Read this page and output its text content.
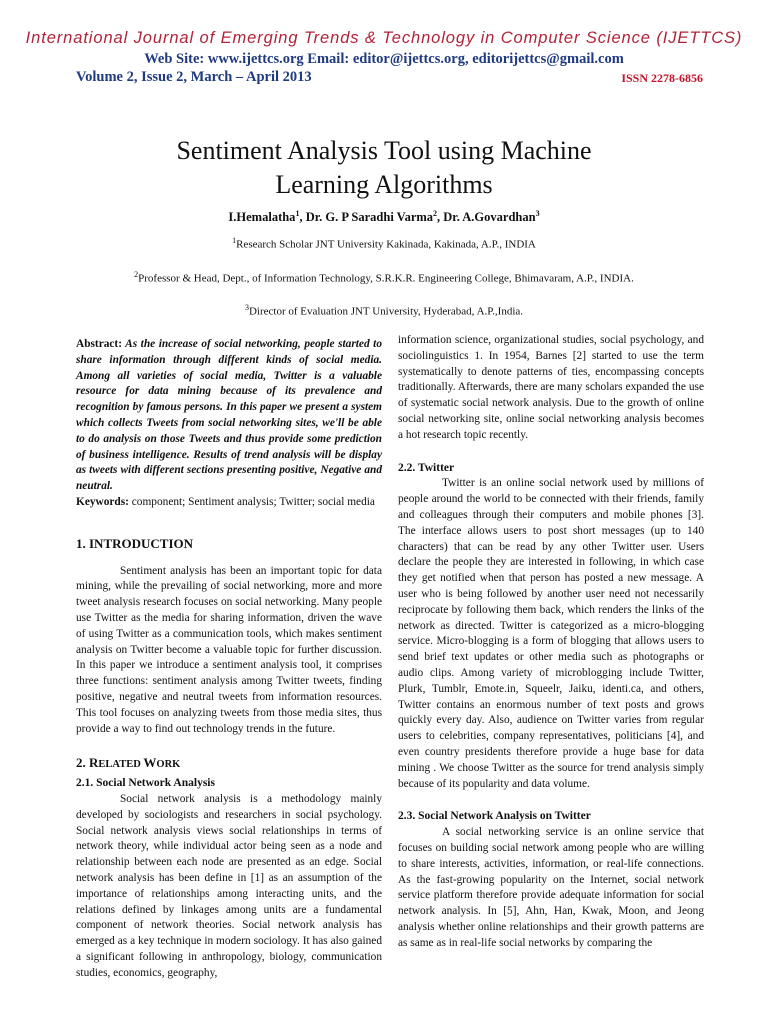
International Journal of Emerging Trends & Technology in Computer Science (IJETTCS)
Web Site: www.ijettcs.org Email: editor@ijettcs.org, editorijettcs@gmail.com
Volume 2, Issue 2, March – April 2013	ISSN 2278-6856
Sentiment Analysis Tool using Machine
Learning Algorithms
I.Hemalatha$^1$, Dr. G. P Saradhi Varma$^2$, Dr. A.Govardhan$^3$
$^1$Research Scholar JNT University Kakinada, Kakinada, A.P., INDIA
$^2$Professor & Head, Dept., of Information Technology, S.R.K.R. Engineering College, Bhimavaram, A.P., INDIA.
$^3$Director of Evaluation JNT University, Hyderabad, A.P.,India.

Abstract: As the increase of social networking, people started to share information through different kinds of social media. Among all varieties of social media, Twitter is a valuable resource for data mining because of its prevalence and recognition by famous persons. In this paper we present a system which collects Tweets from social networking sites, we'll be able to do analysis on those Tweets and thus provide some prediction of business intelligence. Results of trend analysis will be display as tweets with different sections presenting positive, Negative and neutral.

Keywords: component; Sentiment analysis; Twitter; social media

1. INTRODUCTION

Sentiment analysis has been an important topic for data mining, while the prevailing of social networking, more and more tweet analysis research focuses on social networking. Many people use Twitter as the media for sharing information, driven the wave of using Twitter as a communication tools, which makes sentiment analysis on Twitter become a valuable topic for further discussion. In this paper we introduce a sentiment analysis tool, it comprises three functions: sentiment analysis among Twitter tweets, finding positive, negative and neutral tweets from information resources. This tool focuses on analyzing tweets from those media sites, thus provide a way to find out technology trends in the future.

2. RELATED WORK

2.1. Social Network Analysis

Social network analysis is a methodology mainly developed by sociologists and researchers in social psychology. Social network analysis views social relationships in terms of network theory, while individual actor being seen as a node and relationship between each node are presented as an edge. Social network analysis has been define in [1] as an assumption of the importance of relationships among interacting units, and the relations defined by linkages among units are a fundamental component of network theories. Social network analysis has emerged as a key technique in modern sociology. It has also gained a significant following in anthropology, biology, communication studies, economics, geography,

information science, organizational studies, social psychology, and sociolinguistics 1. In 1954, Barnes [2] started to use the term systematically to denote patterns of ties, encompassing concepts traditionally. Afterwards, there are many scholars expanded the use of systematic social network analysis. Due to the growth of online social networking site, online social networking analysis becomes a hot research topic recently.

2.2. Twitter

Twitter is an online social network used by millions of people around the world to be connected with their friends, family and colleagues through their computers and mobile phones [3]. The interface allows users to post short messages (up to 140 characters) that can be read by any other Twitter user. Users declare the people they are interested in following, in which case they get notified when that person has posted a new message. A user who is being followed by another user need not necessarily reciprocate by following them back, which renders the links of the network as directed. Twitter is categorized as a micro-blogging service. Micro-blogging is a form of blogging that allows users to send brief text updates or other media such as photographs or audio clips. Among variety of microblogging include Twitter, Plurk, Tumblr, Emote.in, Squeelr, Jaiku, identi.ca, and others, Twitter contains an enormous number of text posts and grows quickly every day. Also, audience on Twitter varies from regular users to celebrities, company representatives, politicians [4], and even country presidents therefore provide a huge base for data mining . We choose Twitter as the source for trend analysis simply because of its popularity and data volume.

2.3. Social Network Analysis on Twitter

A social networking service is an online service that focuses on building social network among people who are willing to share interests, activities, information, or real-life connections. As the fast-growing popularity on the Internet, social network service platform therefore provide adequate information for social network analysis. In [5], Ahn, Han, Kwak, Moon, and Jeong analysis whether online relationships and their growth patterns are as same as in real-life social networks by comparing the
